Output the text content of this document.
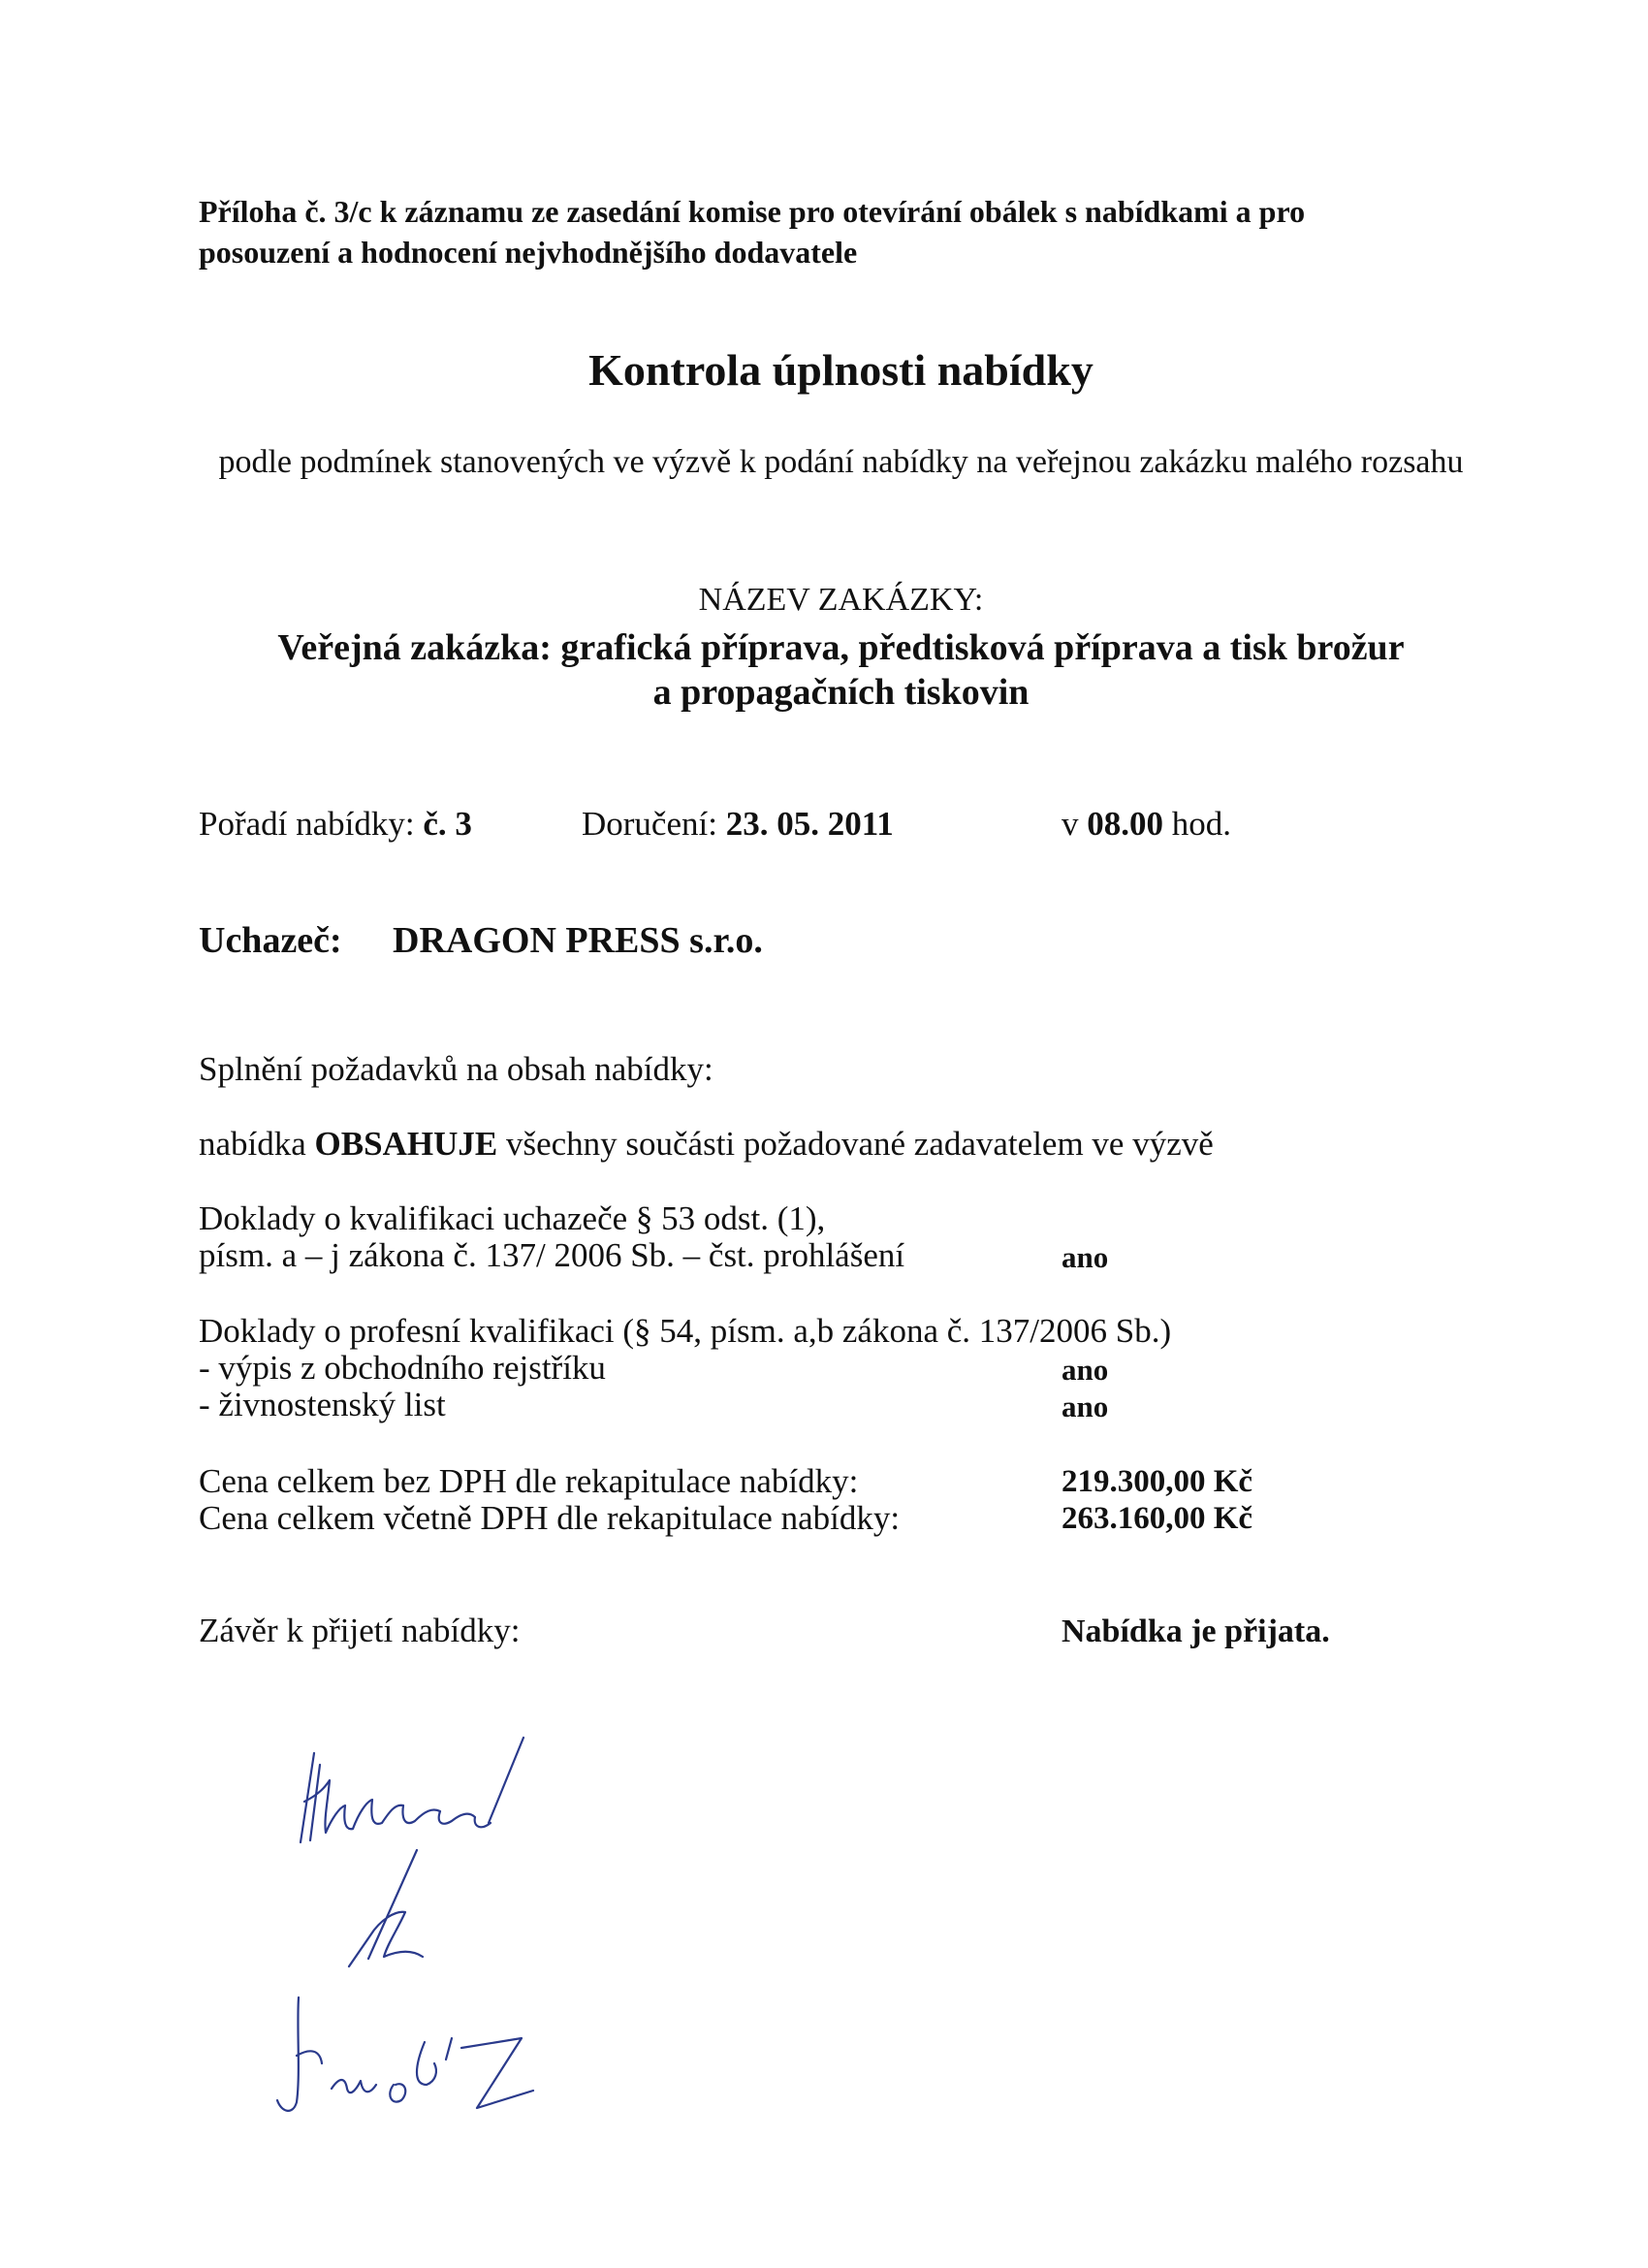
Příloha č. 3/c k záznamu ze zasedání komise pro otevírání obálek s nabídkami a pro
posouzení a hodnocení nejvhodnějšího dodavatele
Kontrola úplnosti nabídky
podle podmínek stanovených ve výzvě k podání nabídky na veřejnou zakázku malého rozsahu
NÁZEV ZAKÁZKY:
Veřejná zakázka: grafická příprava, předtisková příprava a tisk brožur
a propagačních tiskovin
Pořadí nabídky: č. 3	Doručení: 23. 05. 2011	v 08.00 hod.
Uchazeč: DRAGON PRESS s.r.o.
Splnění požadavků na obsah nabídky:
nabídka OBSAHUJE všechny součásti požadované zadavatelem ve výzvě
Doklady o kvalifikaci uchazeče § 53 odst. (1),
písm. a – j zákona č. 137/ 2006 Sb. – čst. prohlášení	ano
Doklady o profesní kvalifikaci (§ 54, písm. a,b zákona č. 137/2006 Sb.)
- výpis z obchodního rejstříku	ano
- živnostenský list	ano
Cena celkem bez DPH dle rekapitulace nabídky:	219.300,00 Kč
Cena celkem včetně DPH dle rekapitulace nabídky:	263.160,00 Kč
Závěr k přijetí nabídky:	Nabídka je přijata.
